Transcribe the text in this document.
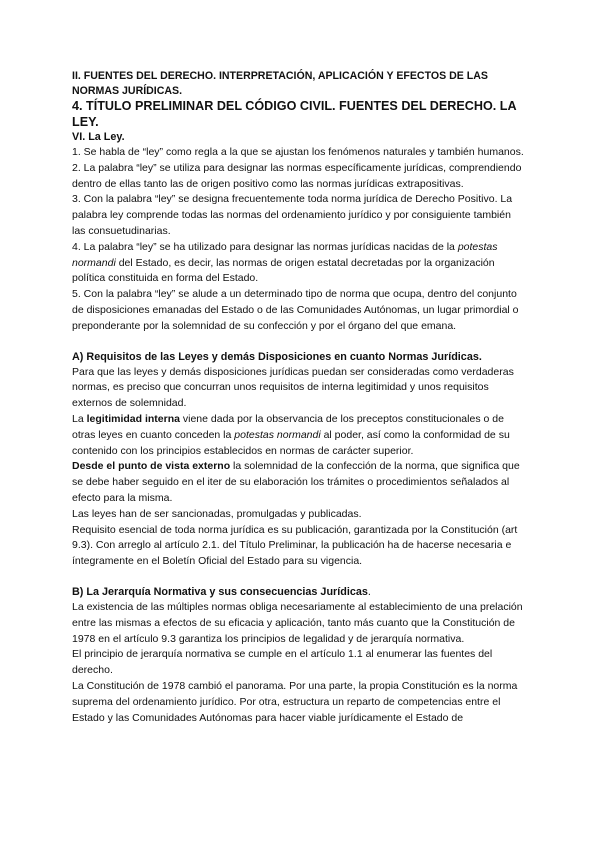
II. FUENTES DEL DERECHO. INTERPRETACIÓN, APLICACIÓN Y EFECTOS DE LAS NORMAS JURÍDICAS.
4. TÍTULO PRELIMINAR DEL CÓDIGO CIVIL. FUENTES DEL DERECHO. LA LEY.
VI. La Ley.

1. Se habla de “ley” como regla a la que se ajustan los fenómenos naturales y también humanos.

2. La palabra “ley” se utiliza para designar las normas específicamente jurídicas, comprendiendo dentro de ellas tanto las de origen positivo como las normas jurídicas extrapositivas.

3. Con la palabra “ley” se designa frecuentemente toda norma jurídica de Derecho Positivo. La palabra ley comprende todas las normas del ordenamiento jurídico y por consiguiente también las consuetudinarias.

4. La palabra “ley” se ha utilizado para designar las normas jurídicas nacidas de la potestas normandi del Estado, es decir, las normas de origen estatal decretadas por la organización política constituida en forma del Estado.

5. Con la palabra “ley” se alude a un determinado tipo de norma que ocupa, dentro del conjunto de disposiciones emanadas del Estado o de las Comunidades Autónomas, un lugar primordial o preponderante por la solemnidad de su confección y por el órgano del que emana.

A) Requisitos de las Leyes y demás Disposiciones en cuanto Normas Jurídicas.

Para que las leyes y demás disposiciones jurídicas puedan ser consideradas como verdaderas normas, es preciso que concurran unos requisitos de interna legitimidad y unos requisitos externos de solemnidad.

La legitimidad interna viene dada por la observancia de los preceptos constitucionales o de otras leyes en cuanto conceden la potestas normandi al poder, así como la conformidad de su contenido con los principios establecidos en normas de carácter superior.

Desde el punto de vista externo la solemnidad de la confección de la norma, que significa que se debe haber seguido en el iter de su elaboración los trámites o procedimientos señalados al efecto para la misma.

Las leyes han de ser sancionadas, promulgadas y publicadas.

Requisito esencial de toda norma jurídica es su publicación, garantizada por la Constitución (art 9.3). Con arreglo al artículo 2.1. del Título Preliminar, la publicación ha de hacerse necesaria e íntegramente en el Boletín Oficial del Estado para su vigencia.

B) La Jerarquía Normativa y sus consecuencias Jurídicas.

La existencia de las múltiples normas obliga necesariamente al establecimiento de una prelación entre las mismas a efectos de su eficacia y aplicación, tanto más cuanto que la Constitución de 1978 en el artículo 9.3 garantiza los principios de legalidad y de jerarquía normativa.

El principio de jerarquía normativa se cumple en el artículo 1.1 al enumerar las fuentes del derecho.

La Constitución de 1978 cambió el panorama. Por una parte, la propia Constitución es la norma suprema del ordenamiento jurídico. Por otra, estructura un reparto de competencias entre el Estado y las Comunidades Autónomas para hacer viable jurídicamente el Estado de
